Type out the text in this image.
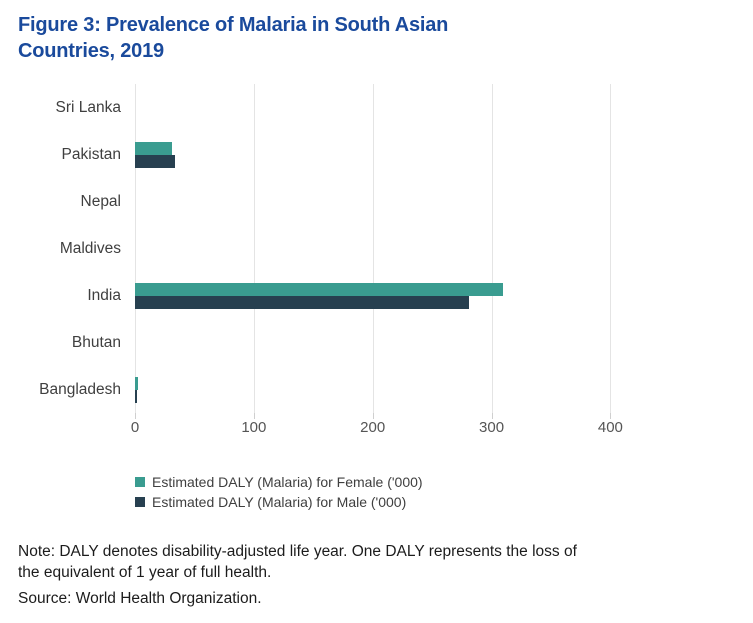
Figure 3: Prevalence of Malaria in South Asian
Countries, 2019
Sri Lanka
Pakistan
Nepal
Maldives
India
Bhutan
Bangladesh
0	100	200	300	400
Estimated DALY (Malaria) for Female ('000)
Estimated DALY (Malaria) for Male ('000)
Note: DALY denotes disability-adjusted life year. One DALY represents the loss of
the equivalent of 1 year of full health.
Source: World Health Organization.
